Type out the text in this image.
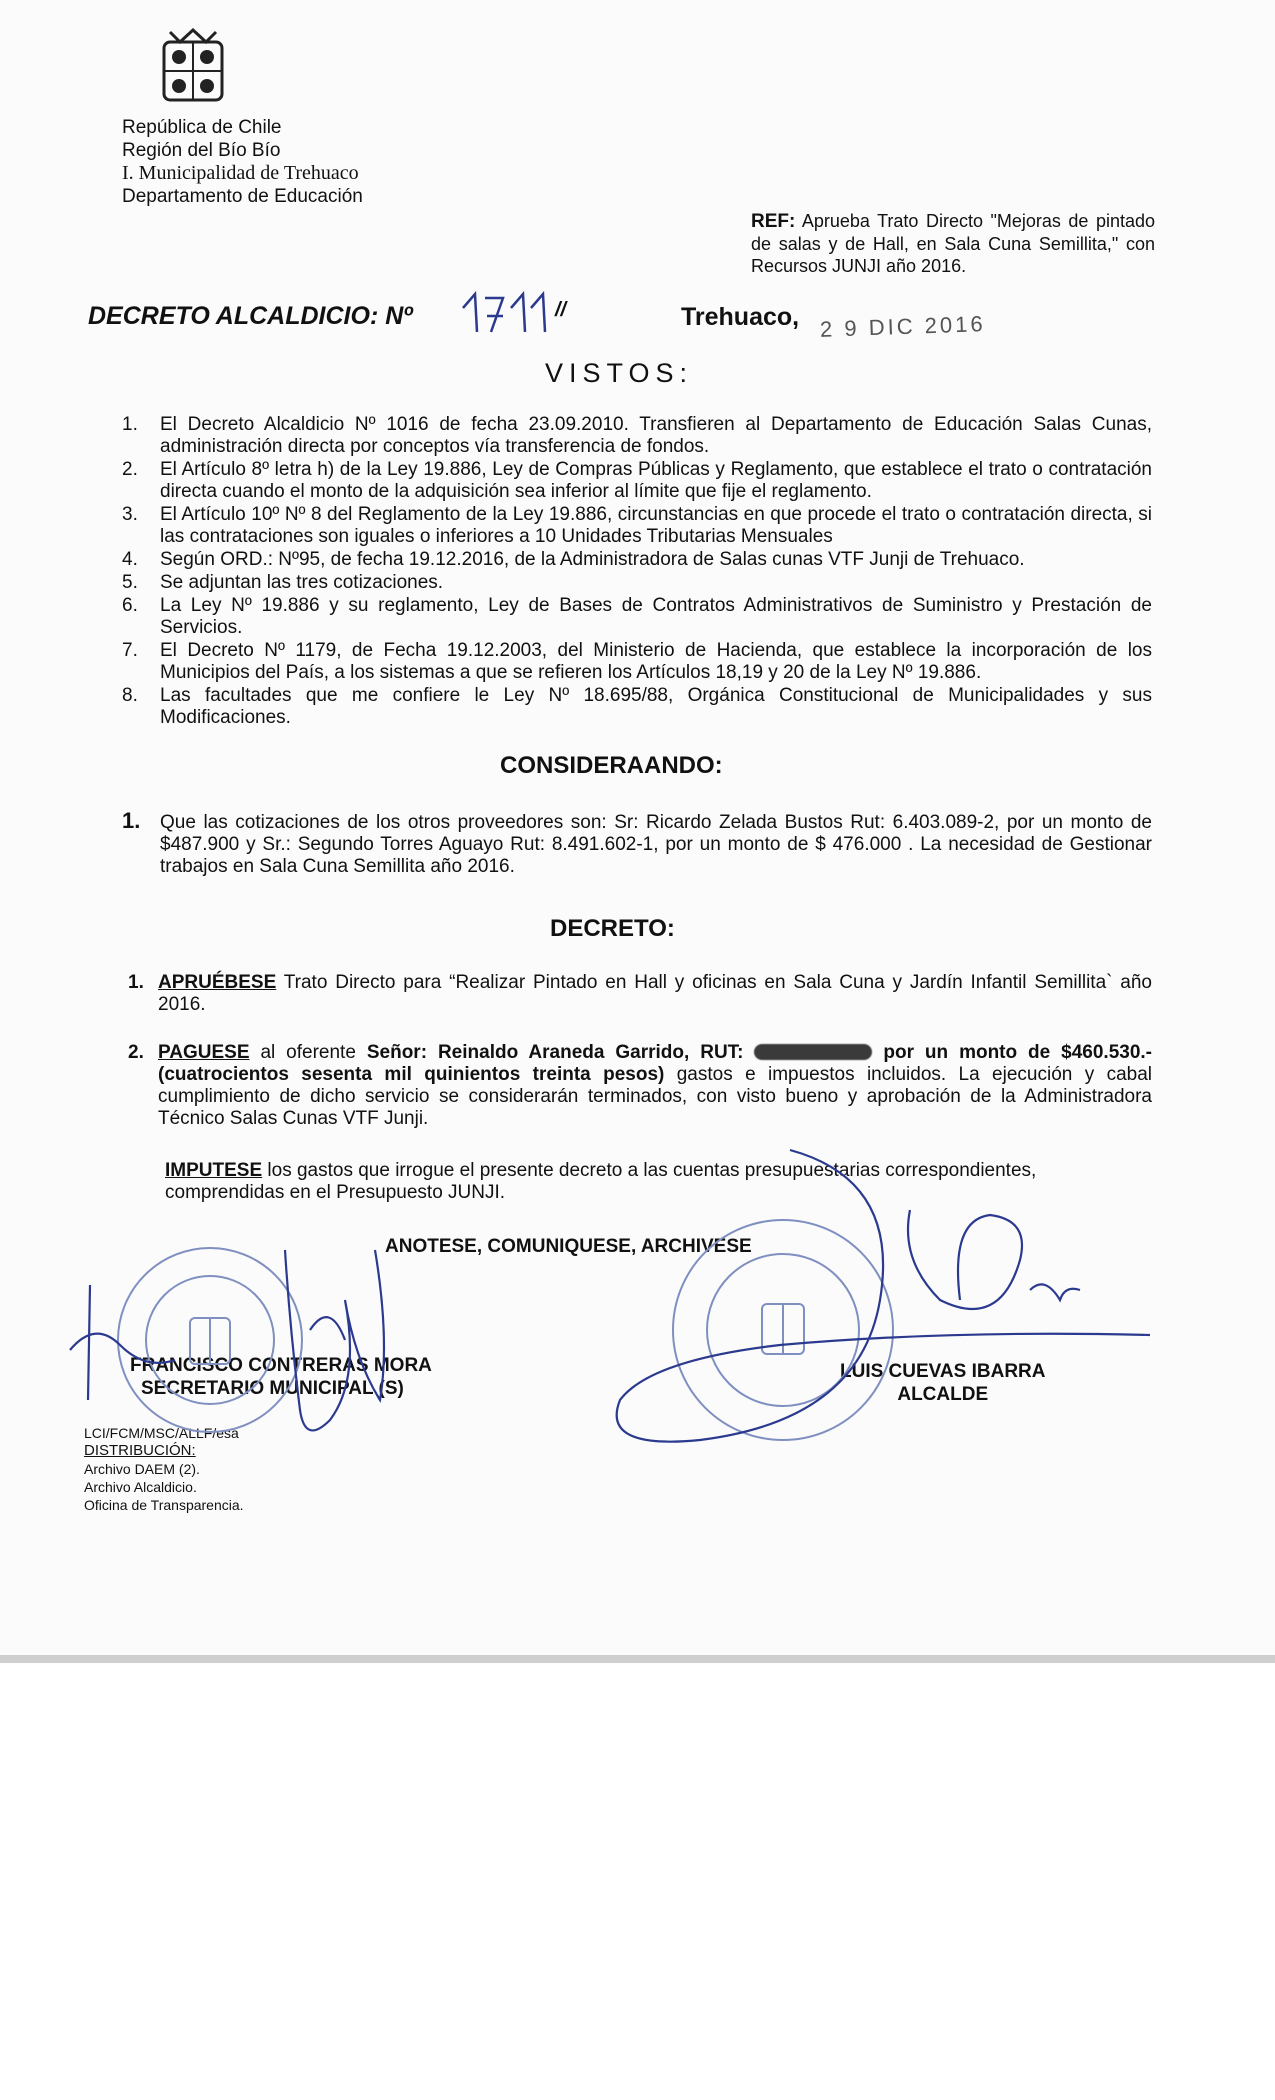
República de Chile
Región del Bío Bío
I. Municipalidad de Trehuaco
Departamento de Educación
REF: Aprueba Trato Directo "Mejoras de pintado de salas y de Hall, en Sala Cuna Semillita," con Recursos JUNJI año 2016.
DECRETO ALCALDICIO: Nº	//	Trehuaco, 2 9 DIC 2016
VISTOS:
1. El Decreto Alcaldicio Nº 1016 de fecha 23.09.2010. Transfieren al Departamento de Educación Salas Cunas, administración directa por conceptos vía transferencia de fondos.
2. El Artículo 8º letra h) de la Ley 19.886, Ley de Compras Públicas y Reglamento, que establece el trato o contratación directa cuando el monto de la adquisición sea inferior al límite que fije el reglamento.
3. El Artículo 10º Nº 8 del Reglamento de la Ley 19.886, circunstancias en que procede el trato o contratación directa, si las contrataciones son iguales o inferiores a 10 Unidades Tributarias Mensuales
4. Según ORD.: Nº95, de fecha 19.12.2016, de la Administradora de Salas cunas VTF Junji de Trehuaco.
5. Se adjuntan las tres cotizaciones.
6. La Ley Nº 19.886 y su reglamento, Ley de Bases de Contratos Administrativos de Suministro y Prestación de Servicios.
7. El Decreto Nº 1179, de Fecha 19.12.2003, del Ministerio de Hacienda, que establece la incorporación de los Municipios del País, a los sistemas a que se refieren los Artículos 18,19 y 20 de la Ley Nº 19.886.
8. Las facultades que me confiere le Ley Nº 18.695/88, Orgánica Constitucional de Municipalidades y sus Modificaciones.
CONSIDERAANDO:
1.	Que las cotizaciones de los otros proveedores son: Sr: Ricardo Zelada Bustos Rut: 6.403.089-2, por un monto de $487.900 y Sr.: Segundo Torres Aguayo Rut: 8.491.602-1, por un monto de $ 476.000 . La necesidad de Gestionar trabajos en Sala Cuna Semillita año 2016.
DECRETO:
1. APRUÉBESE Trato Directo para “Realizar Pintado en Hall y oficinas en Sala Cuna y Jardín Infantil Semillita` año 2016.
2. PAGUESE al oferente Señor: Reinaldo Araneda Garrido, RUT:	por un monto de $460.530.- (cuatrocientos sesenta mil quinientos treinta pesos) gastos e impuestos incluidos. La ejecución y cabal cumplimiento de dicho servicio se considerarán terminados, con visto bueno y aprobación de la Administradora Técnico Salas Cunas VTF Junji.
IMPUTESE los gastos que irrogue el presente decreto a las cuentas presupuestarias correspondientes, comprendidas en el Presupuesto JUNJI.
ANOTESE, COMUNIQUESE, ARCHIVESE
FRANCISCO CONTRERAS MORA
SECRETARIO MUNICIPAL (S)
LUIS CUEVAS IBARRA
ALCALDE
LCI/FCM/MSC/ALLF/esa
DISTRIBUCIÓN:
Archivo DAEM (2).
Archivo Alcaldicio.
Oficina de Transparencia.
